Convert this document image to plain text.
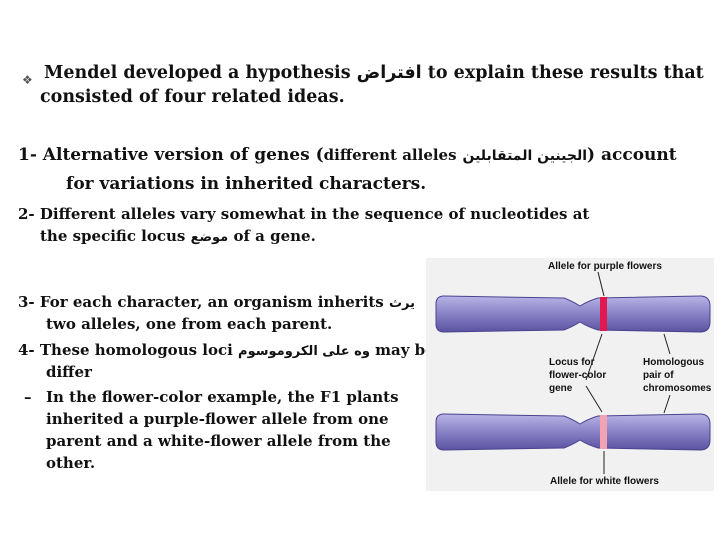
❖ Mendel developed a hypothesis افتراض to explain these results that
consisted of four related ideas.
1- Alternative version of genes (different alleles الجينين المتقابلين) account
for variations in inherited characters.
2- Different alleles vary somewhat in the sequence of nucleotides at
the specific locus موضع of a gene.
3- For each character, an organism inherits يرث
two alleles, one from each parent.
4- These homologous loci وه على الكروموسوم may be
differ
– In the flower-color example, the F1 plants
inherited a purple-flower allele from one
parent and a white-flower allele from the
other.
Allele for purple flowers
Locus for
flower-color
gene
Homologous
pair of
chromosomes
Allele for white flowers
